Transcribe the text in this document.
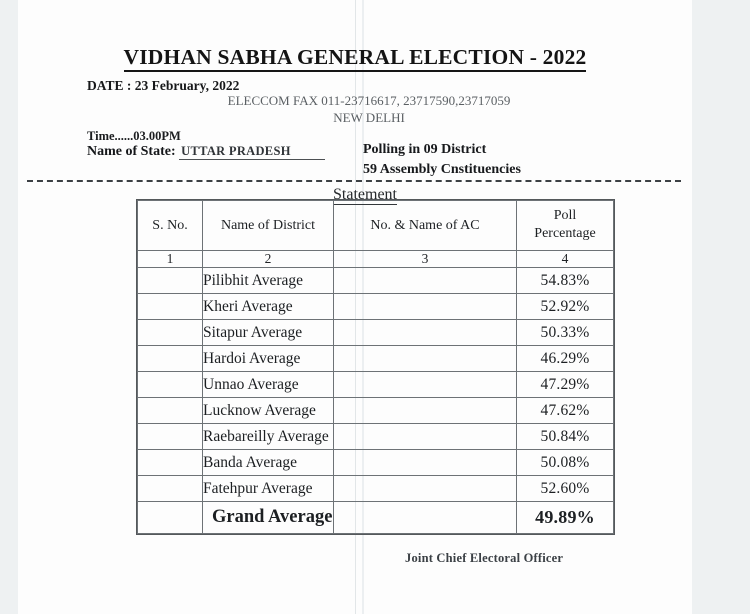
VIDHAN SABHA GENERAL ELECTION - 2022
DATE : 23 February, 2022
ELECCOM FAX 011-23716617, 23717590,23717059
NEW DELHI
Time......03.00PM
Name of State: UTTAR PRADESH	Polling in 09 District
59 Assembly Cnstituencies
Statement
S. No.	Name of District	No. & Name of AC	Poll
Percentage

1	2	3	4
	Pilibhit Average		54.83%
	Kheri Average		52.92%
	Sitapur Average		50.33%
	Hardoi Average		46.29%
	Unnao Average		47.29%
	Lucknow Average		47.62%
	Raebareilly Average		50.84%
	Banda Average		50.08%
	Fatehpur Average		52.60%
	Grand Average		49.89%
Joint Chief Electoral Officer
